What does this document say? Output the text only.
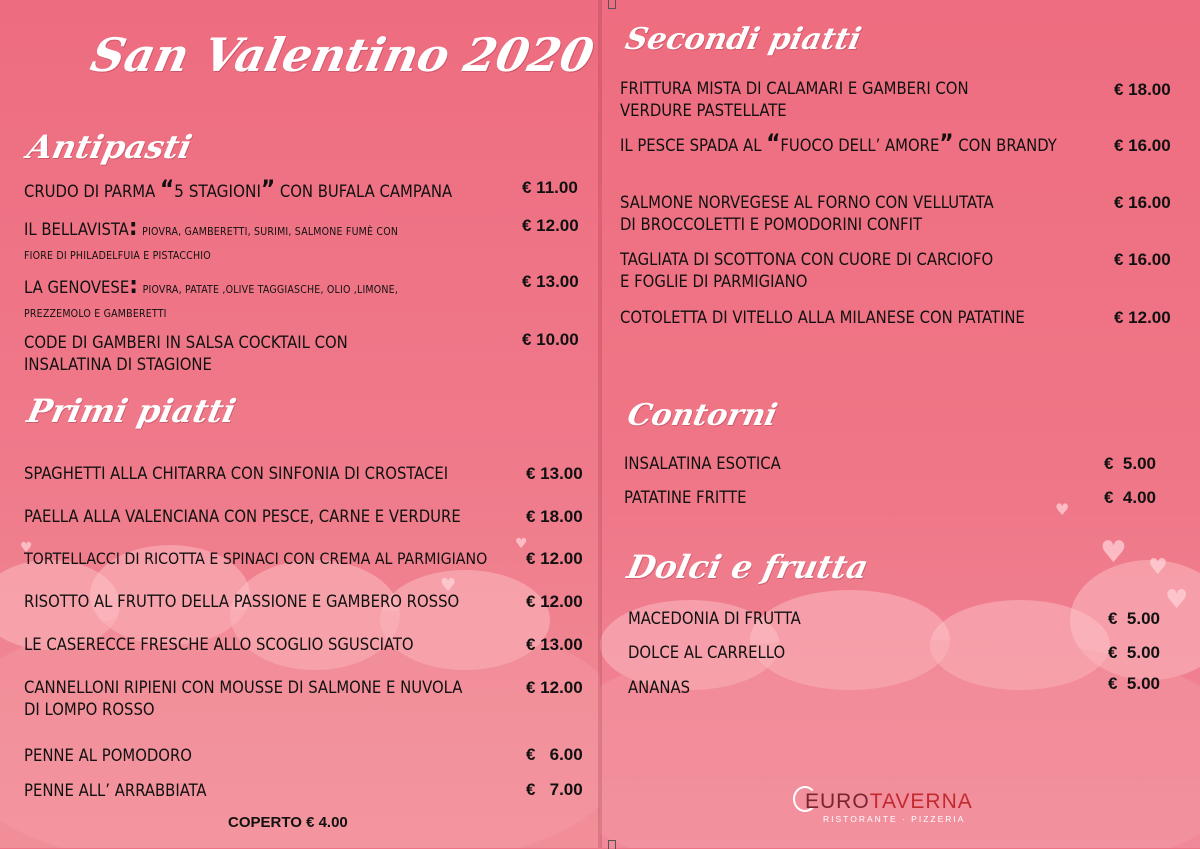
♥
♥
♥
San Valentino 2020
Antipasti
CRUDO DI PARMA “5 STAGIONI” CON BUFALA CAMPANA	€ 11.00
IL BELLAVISTA: PIOVRA, GAMBERETTI, SURIMI, SALMONE FUMÈ CON
FIORE DI PHILADELFUIA E PISTACCHIO
€ 12.00
LA GENOVESE: PIOVRA, PATATE ,OLIVE TAGGIASCHE, OLIO ,LIMONE,
PREZZEMOLO E GAMBERETTI
€ 13.00
CODE DI GAMBERI IN SALSA COCKTAIL CON
INSALATINA DI STAGIONE
€ 10.00
Primi piatti
SPAGHETTI ALLA CHITARRA CON SINFONIA DI CROSTACEI	€ 13.00
PAELLA ALLA VALENCIANA CON PESCE, CARNE E VERDURE	€ 18.00
TORTELLACCI DI RICOTTA E SPINACI CON CREMA AL PARMIGIANO € 12.00
RISOTTO AL FRUTTO DELLA PASSIONE E GAMBERO ROSSO	€ 12.00
LE CASERECCE FRESCHE ALLO SCOGLIO SGUSCIATO	€ 13.00
CANNELLONI RIPIENI CON MOUSSE DI SALMONE E NUVOLA
DI LOMPO ROSSO
€ 12.00
PENNE AL POMODORO	€   6.00
PENNE ALL’ ARRABBIATA	€   7.00
COPERTO € 4.00
♥
♥ ♥
♥
Secondi piatti
FRITTURA MISTA DI CALAMARI E GAMBERI CON
VERDURE PASTELLATE
€ 18.00
IL PESCE SPADA AL “FUOCO DELL’ AMORE” CON BRANDY	€ 16.00
SALMONE NORVEGESE AL FORNO CON VELLUTATA
DI BROCCOLETTI E POMODORINI CONFIT
€ 16.00
TAGLIATA DI SCOTTONA CON CUORE DI CARCIOFO
E FOGLIE DI PARMIGIANO
€ 16.00
COTOLETTA DI VITELLO ALLA MILANESE CON PATATINE	€ 12.00
Contorni
INSALATINA ESOTICA	€  5.00
PATATINE FRITTE	€  4.00
Dolci e frutta
MACEDONIA DI FRUTTA	€  5.00
DOLCE AL CARRELLO	€  5.00
ANANAS	€  5.00
EUROTAVERNA
RISTORANTE · PIZZERIA
